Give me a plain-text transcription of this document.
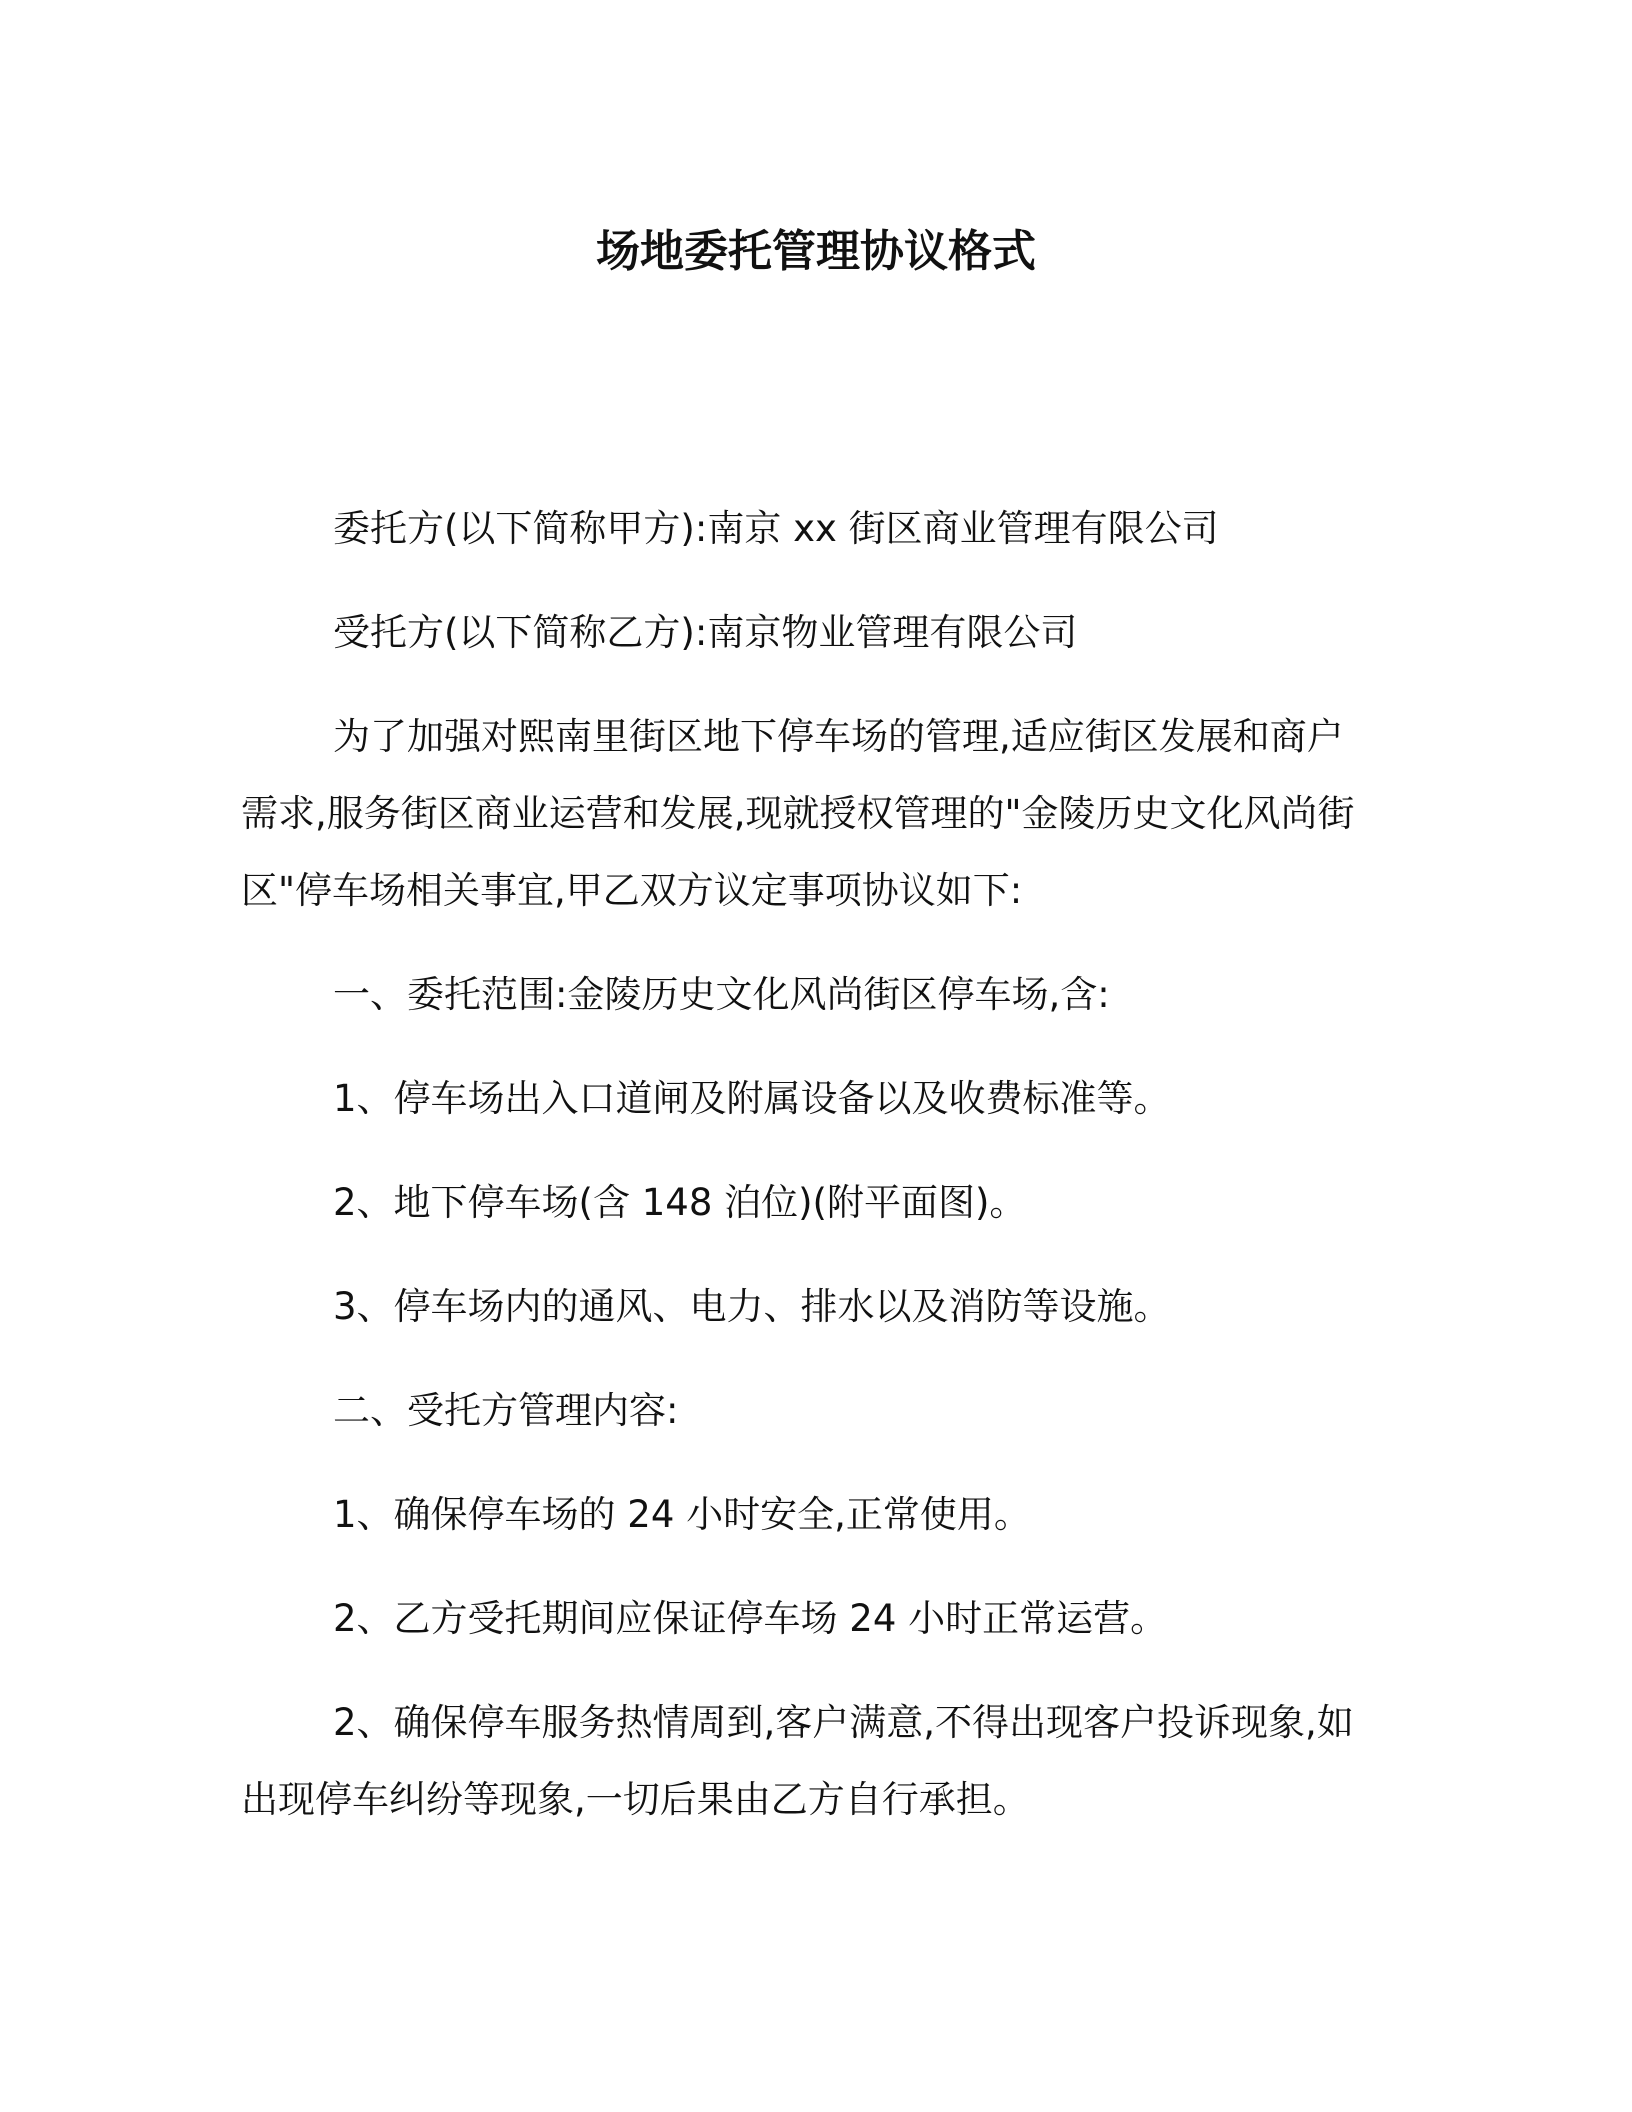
场地委托管理协议格式

委托方(以下简称甲方):南京 xx 街区商业管理有限公司

受托方(以下简称乙方):南京物业管理有限公司

为了加强对熙南里街区地下停车场的管理,适应街区发展和商户需求,服务街区商业运营和发展,现就授权管理的"金陵历史文化风尚街区"停车场相关事宜,甲乙双方议定事项协议如下:

一、委托范围:金陵历史文化风尚街区停车场,含:

1、停车场出入口道闸及附属设备以及收费标准等。

2、地下停车场(含 148 泊位)(附平面图)。

3、停车场内的通风、电力、排水以及消防等设施。

二、受托方管理内容:

1、确保停车场的 24 小时安全,正常使用。

2、乙方受托期间应保证停车场 24 小时正常运营。

2、确保停车服务热情周到,客户满意,不得出现客户投诉现象,如出现停车纠纷等现象,一切后果由乙方自行承担。
